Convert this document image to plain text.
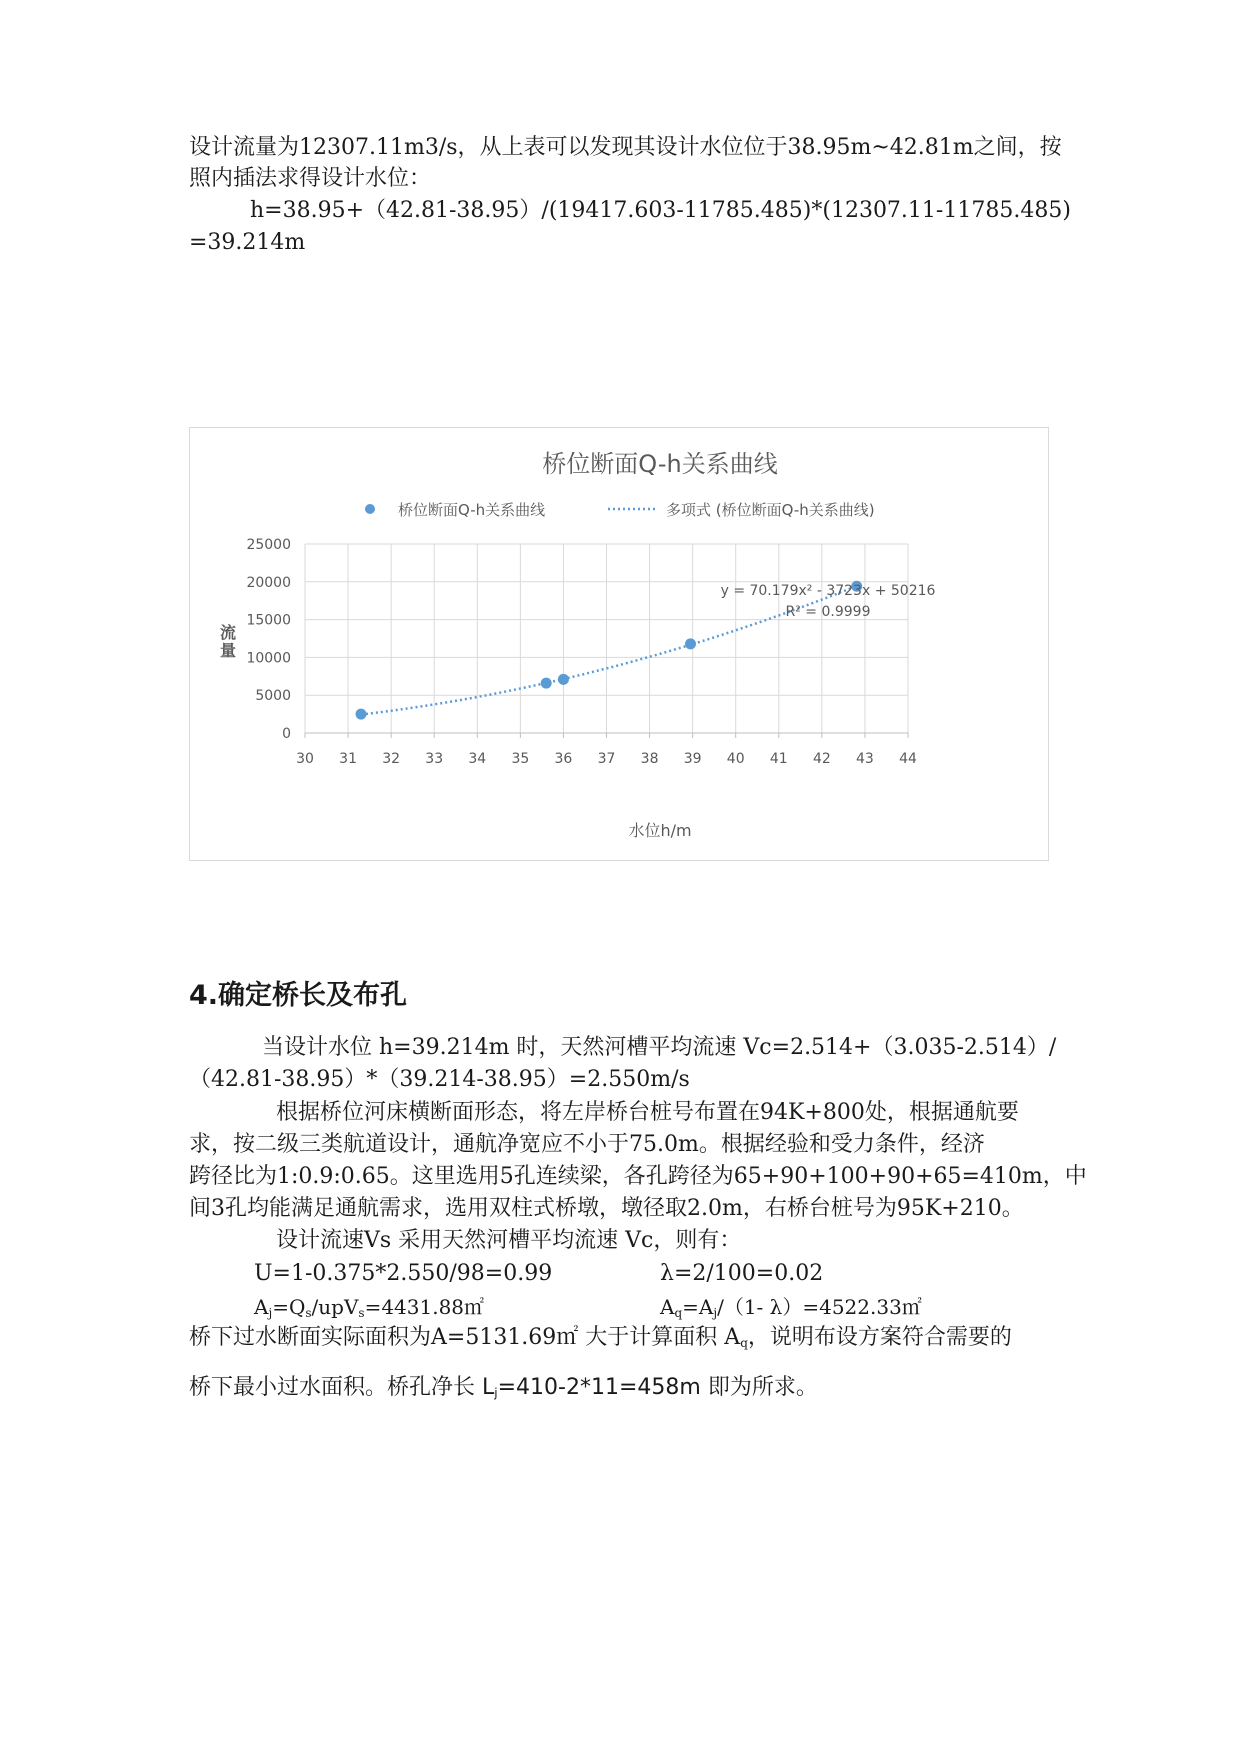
设计流量为12307.11m3/s，从上表可以发现其设计水位位于38.95m~42.81m之间，按
照内插法求得设计水位：
h=38.95+（42.81-38.95）/(19417.603-11785.485)*(12307.11-11785.485)
=39.214m
桥位断面Q-h关系曲线
桥位断面Q-h关系曲线	多项式 (桥位断面Q-h关系曲线)
0
5000
10000
15000
20000
25000
30 31 32 33 34 35 36 37 38 39 40 41 42 43 44
y = 70.179x² - 3723x + 50216
R² = 0.9999
水位h/m
流量
4.确定桥长及布孔
当设计水位 h=39.214m 时，天然河槽平均流速 Vc=2.514+（3.035-2.514）/
（42.81-38.95）*（39.214-38.95）=2.550m/s
根据桥位河床横断面形态，将左岸桥台桩号布置在94K+800处，根据通航要
求，按二级三类航道设计，通航净宽应不小于75.0m。根据经验和受力条件，经济
跨径比为1:0.9:0.65。这里选用5孔连续梁，各孔跨径为65+90+100+90+65=410m，中
间3孔均能满足通航需求，选用双柱式桥墩，墩径取2.0m，右桥台桩号为95K+210。
设计流速Vs 采用天然河槽平均流速 Vc，则有：
U=1-0.375*2.550/98=0.99	λ=2/100=0.02
$A_j=Q_s/upV_s=4431.88㎡$	$A_q=A_j/(1-$ λ）=4522.33㎡
桥下过水断面实际面积为A=5131.69㎡ 大于计算面积 $A_q$，说明布设方案符合需要的
桥下最小过水面积。桥孔净长 $L_j=410-2*11=458m$ 即为所求。
